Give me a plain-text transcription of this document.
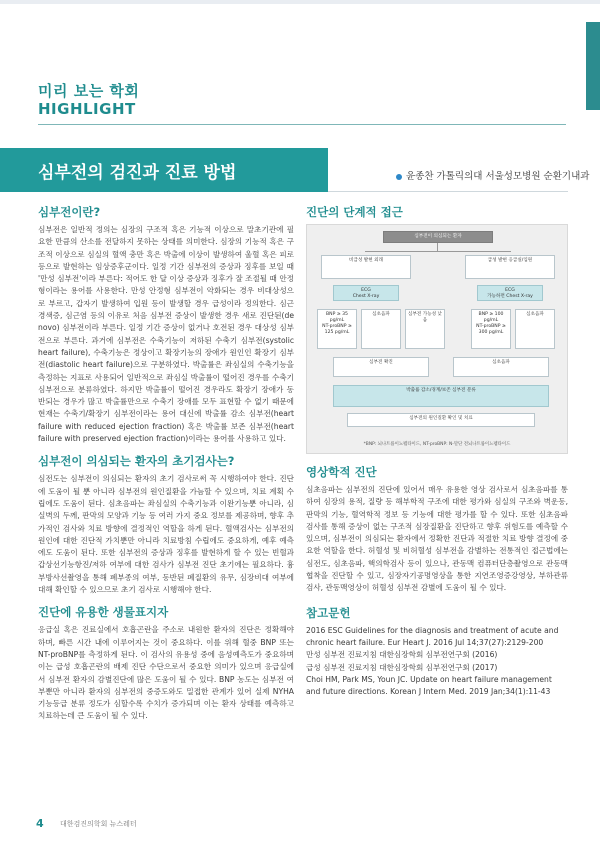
미리 보는 학회
HIGHLIGHT
심부전의 검진과 진료 방법	윤종찬 가톨릭의대 서울성모병원 순환기내과
심부전이란?

심부전은 일반적 정의는 심장의 구조적 혹은 기능적 이상으로 말초기관에 필요한 만큼의 산소를 전달하지 못하는 상태를 의미한다. 심장의 기능적 혹은 구조적 이상으로 심실의 혈액 충만 혹은 박출에 이상이 발생하여 울혈 혹은 피로 등으로 발현하는 임상증후군이다. 일정 기간 심부전의 증상과 징후를 보일 때 '만성 심부전'이라 부른다: 적어도 한 달 이상 증상과 징후가 잘 조절될 때 안정형이라는 용어를 사용한다. 만성 안정형 심부전이 악화되는 경우 비대상성으로 부르고, 갑자기 발생하여 입원 등이 발생할 경우 급성이라 정의한다. 심근경색증, 심근염 등의 이유로 처음 심부전 증상이 발생한 경우 새로 진단된(de novo) 심부전이라 부른다. 일정 기간 증상이 없거나 호전된 경우 대상성 심부전으로 부른다. 과거에 심부전은 수축기능이 저하된 수축기 심부전(systolic heart failure), 수축기능은 정상이고 확장기능의 장애가 원인인 확장기 심부전(diastolic heart failure)으로 구분하였다. 박출률은 좌심실의 수축기능을 측정하는 지표로 사용되어 일반적으로 좌심실 박출률이 떨어진 경우를 수축기 심부전으로 분류하였다. 하지만 박출률이 떨어진 경우라도 확장기 장애가 동반되는 경우가 많고 박출률만으로 수축기 장애를 모두 표현할 수 없기 때문에 현재는 수축기/확장기 심부전이라는 용어 대신에 박출률 감소 심부전(heart failure with reduced ejection fraction) 혹은 박출률 보존 심부전(heart failure with preserved ejection fraction)이라는 용어를 사용하고 있다.

심부전이 의심되는 환자의 초기검사는?

심전도는 심부전이 의심되는 환자의 초기 검사로써 꼭 시행하여야 한다. 진단에 도움이 될 뿐 아니라 심부전의 원인질환을 가늠할 수 있으며, 치료 계획 수립에도 도움이 된다. 심초음파는 좌심실의 수축기능과 이완기능뿐 아니라, 심실벽의 두께, 판막의 모양과 기능 등 여러 가지 중요 정보를 제공하며, 향후 추가적인 검사와 치료 방향에 결정적인 역할을 하게 된다. 혈액검사는 심부전의 원인에 대한 진단적 가치뿐만 아니라 치료방침 수립에도 중요하게, 예후 예측에도 도움이 된다. 또한 심부전의 증상과 징후를 발현하게 할 수 있는 빈혈과 갑상선기능항진/저하 여부에 대한 검사가 심부전 진단 초기에는 필요하다. 흉부방사선촬영을 통해 폐부종의 여부, 동반된 폐질환의 유무, 심장비대 여부에 대해 확인할 수 있으므로 초기 검사로 시행해야 한다.

진단에 유용한 생물표지자

응급실 혹은 진료실에서 호흡곤란을 주소로 내원한 환자의 진단은 정확해야 하며, 빠른 시간 내에 이루어지는 것이 중요하다. 이를 위해 혈중 BNP 또는 NT-proBNP를 측정하게 된다. 이 검사의 유용성 중에 음성예측도가 중요하며 이는 급성 호흡곤란의 배제 진단 수단으로서 중요한 의미가 있으며 응급실에서 심부전 환자의 감별진단에 많은 도움이 될 수 있다. BNP 농도는 심부전 여부뿐만 아니라 환자의 심부전의 중증도와도 밀접한 관계가 있어 실제 NYHA 기능등급 분류 정도가 심할수록 수치가 증가되며 이는 환자 상태를 예측하고 치료하는데 큰 도움이 될 수 있다.

진단의 단계적 접근
심부전이 의심되는 환자
비급성 발현 외래	급성 발현 응급실/입원
ECG
Chest X-ray
ECG
가능하면 Chest X-ray
BNP ≥ 35 pg/mL
NT-proBNP ≥ 125 pg/mL
심초음파	심부전 가능성 낮음
BNP ≥ 100 pg/mL
NT-proBNP ≥ 300 pg/mL
심초음파
심부전 확진	심초음파
박출률 감소/경계/보존 심부전 분류
심부전의 원인질환 확인 및 치료
*BNP: 뇌나트륨이뇨펩타이드, NT-proBNP: N-말단 전뇌나트륨이뇨펩타이드
영상학적 진단

심초음파는 심부전의 진단에 있어서 매우 유용한 영상 검사로서 심초음파를 통하여 심장의 용적, 질량 등 해부학적 구조에 대한 평가와 심실의 구조와 벽운동, 판막의 기능, 혈역학적 정보 등 기능에 대한 평가를 할 수 있다. 또한 심초음파 검사를 통해 증상이 없는 구조적 심장질환을 진단하고 향후 위험도를 예측할 수 있으며, 심부전이 의심되는 환자에서 정확한 진단과 적절한 치료 방향 결정에 중요한 역할을 한다. 허혈성 및 비허혈성 심부전을 감별하는 전통적인 접근법에는 심전도, 심초음파, 핵의학검사 등이 있으나, 관동맥 컴퓨터단층촬영으로 관동맥 협착을 진단할 수 있고, 심장자기공명영상을 통한 지연조영증강영상, 부하관류검사, 관동맥영상이 허혈성 심부전 감별에 도움이 될 수 있다.

참고문헌
2016 ESC Guidelines for the diagnosis and treatment of acute and chronic heart failure. Eur Heart J. 2016 Jul 14;37(27):2129-200
만성 심부전 진료지침 대한심장학회 심부전연구회 (2016)
급성 심부전 진료지침 대한심장학회 심부전연구회 (2017)
Choi HM, Park MS, Youn JC. Update on heart failure management and future directions. Korean J Intern Med. 2019 Jan;34(1):11-43
4 대한검진의학회 뉴스레터
